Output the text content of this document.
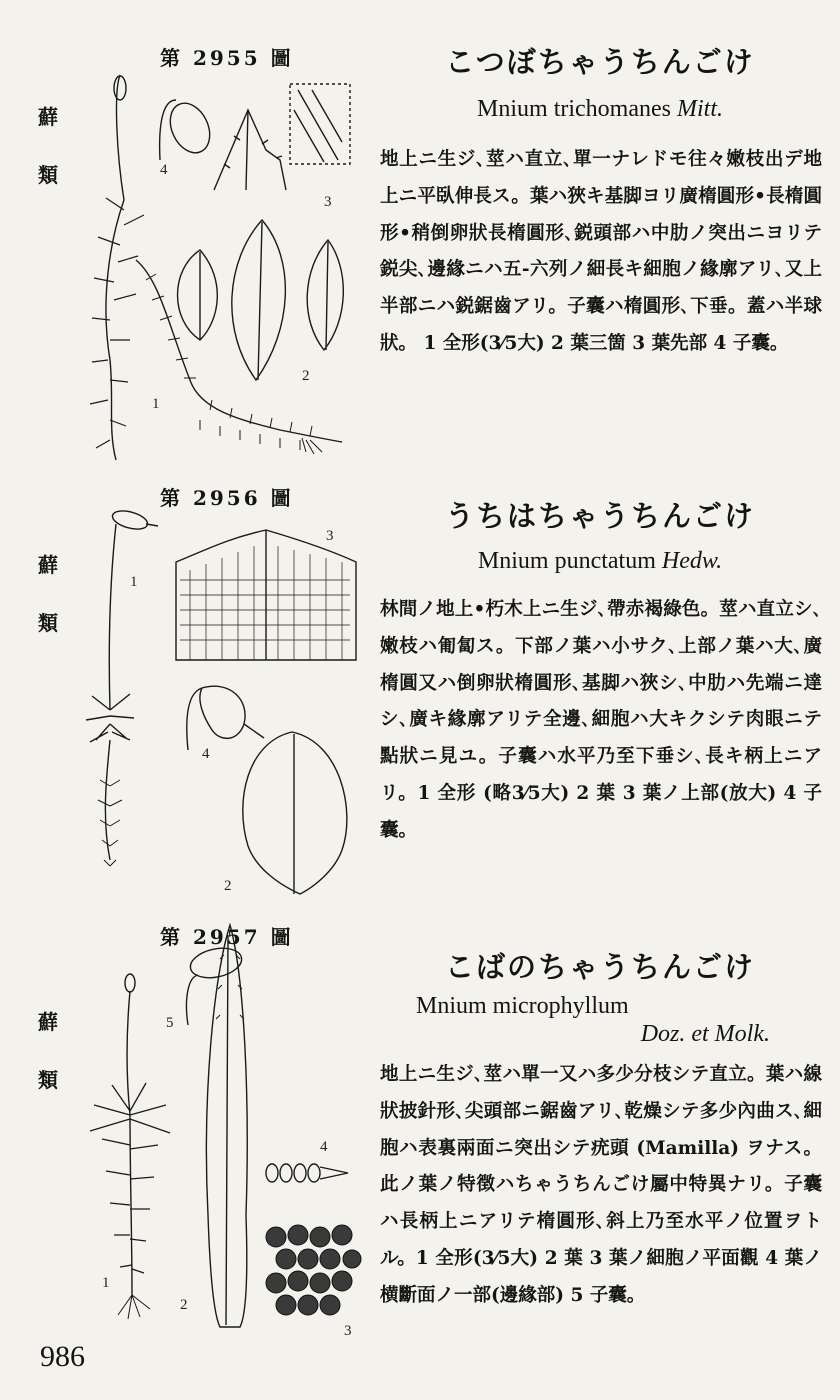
第 2955 圖
蘚
類
1
4
3
2
こつぼちゃうちんごけ
Mnium trichomanes Mitt.
地上ニ生ジ､莖ハ直立､單一ナレドモ往々嫩枝出デ地上ニ平臥伸長ス。葉ハ狹キ基脚ヨリ廣楕圓形•長楕圓形•稍倒卵狀長楕圓形､鋭頭部ハ中肋ノ突出ニヨリテ鋭尖､邊緣ニハ五-六列ノ細長キ細胞ノ緣廓アリ､又上半部ニハ鋭鋸齒アリ。子囊ハ楕圓形､下垂。蓋ハ半球狀。 1 全形(3⁄5大) 2 葉三箇 3 葉先部 4 子囊。
第 2956 圖
蘚
類
1
3
4
2
うちはちゃうちんごけ
Mnium punctatum Hedw.
林間ノ地上•朽木上ニ生ジ､帶赤褐綠色。莖ハ直立シ､嫩枝ハ匍匐ス。下部ノ葉ハ小サク､上部ノ葉ハ大､廣楕圓又ハ倒卵狀楕圓形､基脚ハ狹シ､中肋ハ先端ニ達シ､廣キ緣廓アリテ全邊､細胞ハ大キクシテ肉眼ニテ點狀ニ見ユ。子囊ハ水平乃至下垂シ､長キ柄上ニアリ。1 全形 (略3⁄5大) 2 葉 3 葉ノ上部(放大) 4 子囊。
第 2957 圖
蘚
類
1
5
2
4
3
こばのちゃうちんごけ
Mnium microphyllum
Doz. et Molk.
地上ニ生ジ､莖ハ單一又ハ多少分枝シテ直立。葉ハ線狀披針形､尖頭部ニ鋸齒アリ､乾燥シテ多少內曲ス､細胞ハ表裏兩面ニ突出シテ疣頭 (Mamilla) ヲナス。此ノ葉ノ特徴ハちゃうちんごけ屬中特異ナリ。子囊ハ長柄上ニアリテ楕圓形､斜上乃至水平ノ位置ヲトル。1 全形(3⁄5大) 2 葉 3 葉ノ細胞ノ平面觀 4 葉ノ横斷面ノ一部(邊緣部) 5 子囊。
986
